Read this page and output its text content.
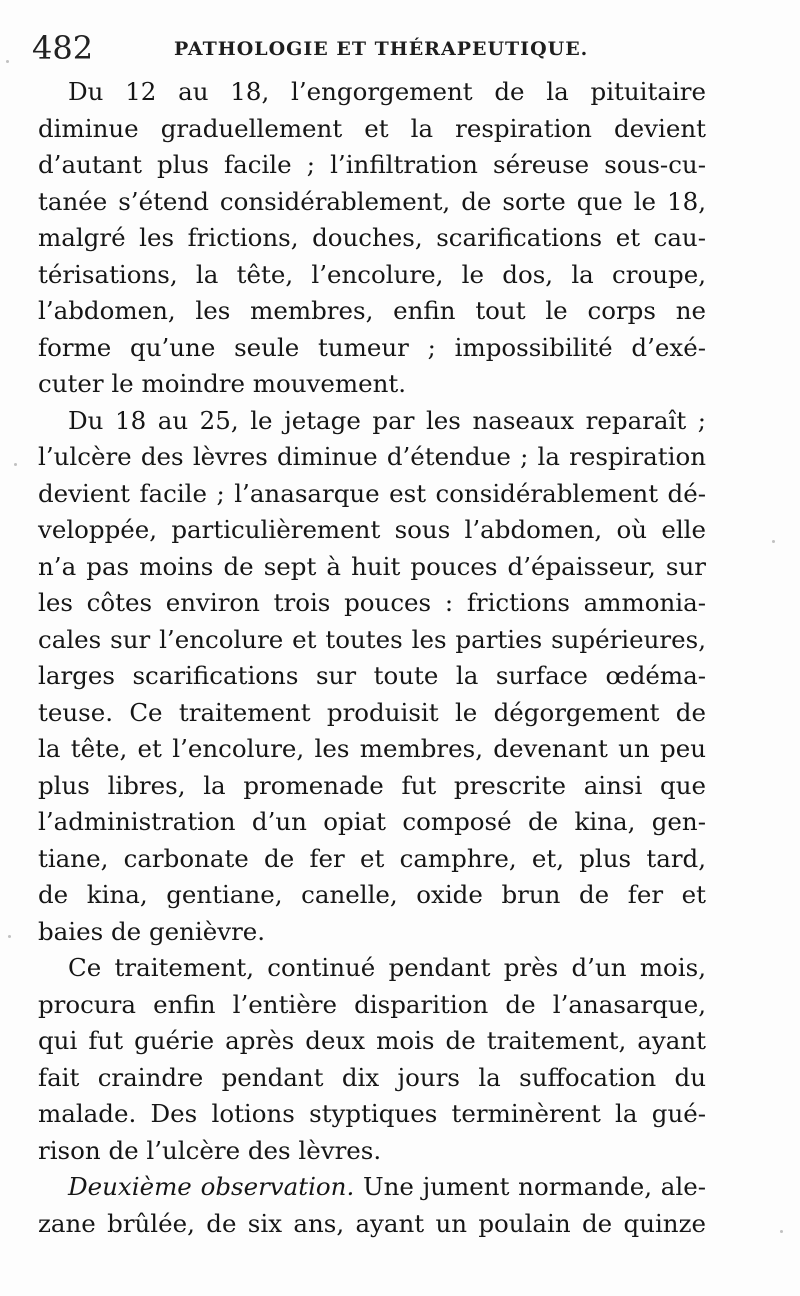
482	PATHOLOGIE ET THÉRAPEUTIQUE.
Du 12 au 18, l’engorgement de la pituitaire
diminue graduellement et la respiration devient
d’autant plus facile ; l’infiltration séreuse sous-cu-
tanée s’étend considérablement, de sorte que le 18,
malgré les frictions, douches, scarifications et cau-
térisations, la tête, l’encolure, le dos, la croupe,
l’abdomen, les membres, enfin tout le corps ne
forme qu’une seule tumeur ; impossibilité d’exé-
cuter le moindre mouvement.
Du 18 au 25, le jetage par les naseaux reparaît ;
l’ulcère des lèvres diminue d’étendue ; la respiration
devient facile ; l’anasarque est considérablement dé-
veloppée, particulièrement sous l’abdomen, où elle
n’a pas moins de sept à huit pouces d’épaisseur, sur
les côtes environ trois pouces : frictions ammonia-
cales sur l’encolure et toutes les parties supérieures,
larges scarifications sur toute la surface œdéma-
teuse. Ce traitement produisit le dégorgement de
la tête, et l’encolure, les membres, devenant un peu
plus libres, la promenade fut prescrite ainsi que
l’administration d’un opiat composé de kina, gen-
tiane, carbonate de fer et camphre, et, plus tard,
de kina, gentiane, canelle, oxide brun de fer et
baies de genièvre.
Ce traitement, continué pendant près d’un mois,
procura enfin l’entière disparition de l’anasarque,
qui fut guérie après deux mois de traitement, ayant
fait craindre pendant dix jours la suffocation du
malade. Des lotions styptiques terminèrent la gué-
rison de l’ulcère des lèvres.
Deuxième observation. Une jument normande, ale-
zane brûlée, de six ans, ayant un poulain de quinze
